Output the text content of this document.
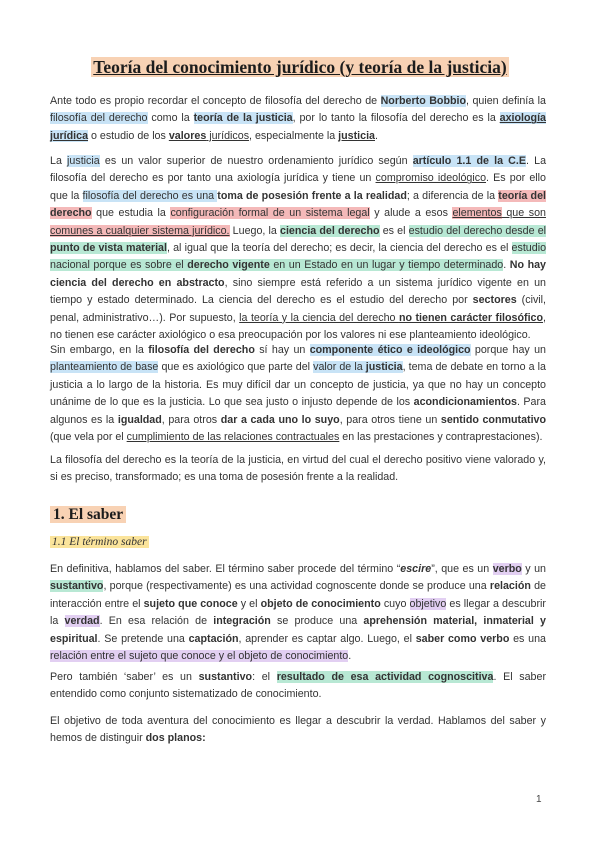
Teoría del conocimiento jurídico (y teoría de la justicia)

Ante todo es propio recordar el concepto de filosofía del derecho de Norberto Bobbio, quien definía la filosofía del derecho como la teoría de la justicia, por lo tanto la filosofía del derecho es la axiología jurídica o estudio de los valores jurídicos, especialmente la justicia.

La justicia es un valor superior de nuestro ordenamiento jurídico según artículo 1.1 de la C.E. La filosofía del derecho es por tanto una axiología jurídica y tiene un compromiso ideológico. Es por ello que la filosofía del derecho es una toma de posesión frente a la realidad; a diferencia de la teoría del derecho que estudia la configuración formal de un sistema legal y alude a esos elementos que son comunes a cualquier sistema jurídico. Luego, la ciencia del derecho es el estudio del derecho desde el punto de vista material, al igual que la teoría del derecho; es decir, la ciencia del derecho es el estudio nacional porque es sobre el derecho vigente en un Estado en un lugar y tiempo determinado. No hay ciencia del derecho en abstracto, sino siempre está referido a un sistema jurídico vigente en un tiempo y estado determinado. La ciencia del derecho es el estudio del derecho por sectores (civil, penal, administrativo…). Por supuesto, la teoría y la ciencia del derecho no tienen carácter filosófico, no tienen ese carácter axiológico o esa preocupación por los valores ni ese planteamiento ideológico.

Sin embargo, en la filosofía del derecho sí hay un componente ético e ideológico porque hay un planteamiento de base que es axiológico que parte del valor de la justicia, tema de debate en torno a la justicia a lo largo de la historia. Es muy difícil dar un concepto de justicia, ya que no hay un concepto unánime de lo que es la justicia. Lo que sea justo o injusto depende de los acondicionamientos. Para algunos es la igualdad, para otros dar a cada uno lo suyo, para otros tiene un sentido conmutativo (que vela por el cumplimiento de las relaciones contractuales en las prestaciones y contraprestaciones).

La filosofía del derecho es la teoría de la justicia, en virtud del cual el derecho positivo viene valorado y, si es preciso, transformado; es una toma de posesión frente a la realidad.

1. El saber
1.1 El término saber

En definitiva, hablamos del saber. El término saber procede del término “escire”, que es un verbo y un sustantivo, porque (respectivamente) es una actividad cognoscente donde se produce una relación de interacción entre el sujeto que conoce y el objeto de conocimiento cuyo objetivo es llegar a descubrir la verdad. En esa relación de integración se produce una aprehensión material, inmaterial y espiritual. Se pretende una captación, aprender es captar algo. Luego, el saber como verbo es una relación entre el sujeto que conoce y el objeto de conocimiento.

Pero también ‘saber’ es un sustantivo: el resultado de esa actividad cognoscitiva. El saber entendido como conjunto sistematizado de conocimiento.

El objetivo de toda aventura del conocimiento es llegar a descubrir la verdad. Hablamos del saber y hemos de distinguir dos planos:

1
